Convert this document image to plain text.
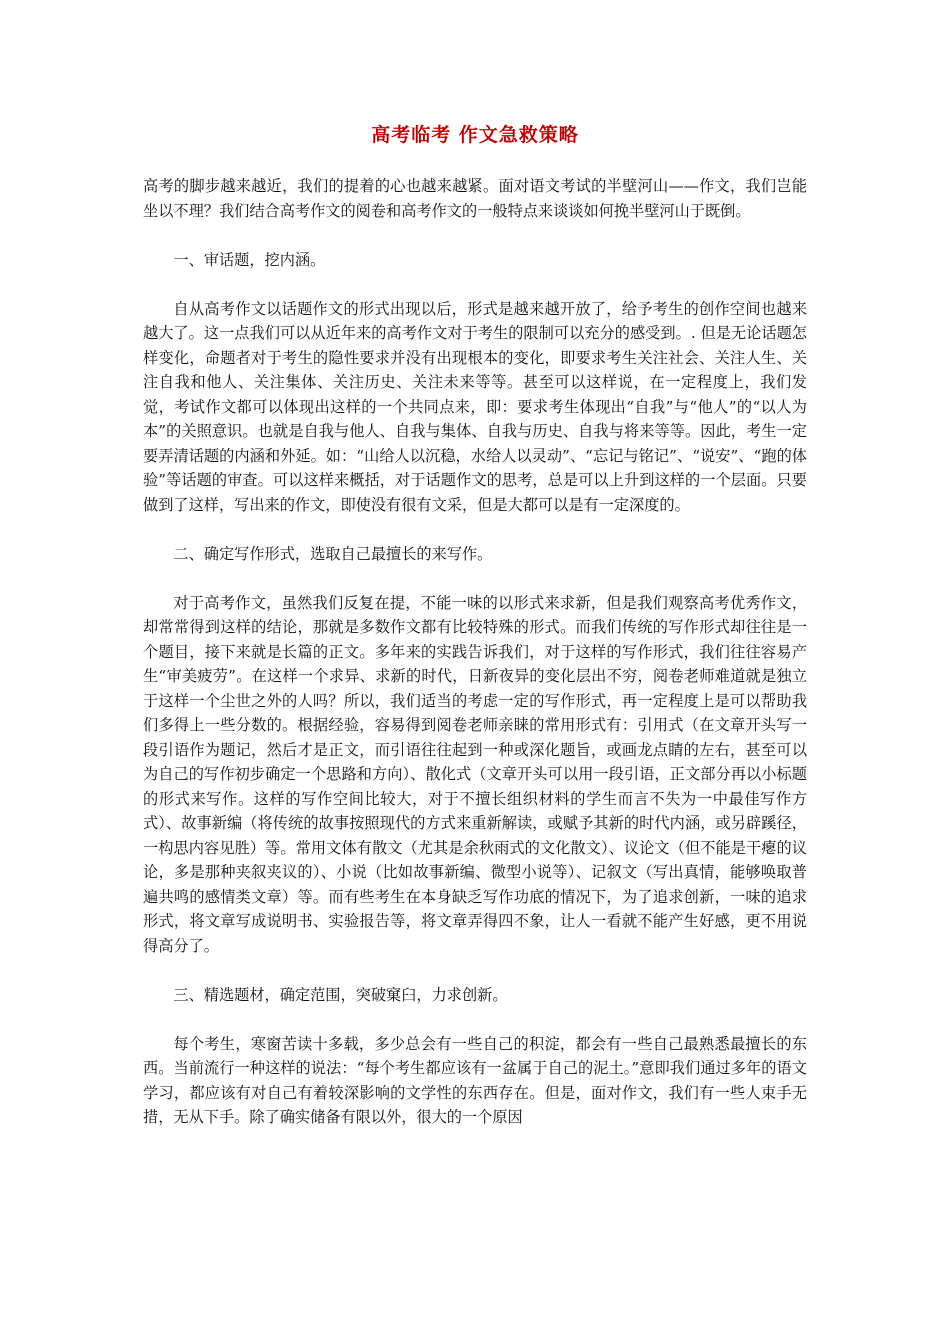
高考临考 作文急救策略

高考的脚步越来越近，我们的提着的心也越来越紧。面对语文考试的半壁河山——作文，我们岂能坐以不理？我们结合高考作文的阅卷和高考作文的一般特点来谈谈如何挽半壁河山于既倒。

一、审话题，挖内涵。

自从高考作文以话题作文的形式出现以后，形式是越来越开放了，给予考生的创作空间也越来越大了。这一点我们可以从近年来的高考作文对于考生的限制可以充分的感受到。. 但是无论话题怎样变化，命题者对于考生的隐性要求并没有出现根本的变化，即要求考生关注社会、关注人生、关注自我和他人、关注集体、关注历史、关注未来等等。甚至可以这样说，在一定程度上，我们发觉，考试作文都可以体现出这样的一个共同点来，即：要求考生体现出“自我”与“他人”的“以人为本”的关照意识。也就是自我与他人、自我与集体、自我与历史、自我与将来等等。因此，考生一定要弄清话题的内涵和外延。如：“山给人以沉稳，水给人以灵动”、“忘记与铭记”、“说安”、“跑的体验”等话题的审查。可以这样来概括，对于话题作文的思考，总是可以上升到这样的一个层面。只要做到了这样，写出来的作文，即使没有很有文采，但是大都可以是有一定深度的。

二、确定写作形式，选取自己最擅长的来写作。

对于高考作文，虽然我们反复在提，不能一味的以形式来求新，但是我们观察高考优秀作文，却常常得到这样的结论，那就是多数作文都有比较特殊的形式。而我们传统的写作形式却往往是一个题目，接下来就是长篇的正文。多年来的实践告诉我们，对于这样的写作形式，我们往往容易产生“审美疲劳”。在这样一个求异、求新的时代，日新夜异的变化层出不穷，阅卷老师难道就是独立于这样一个尘世之外的人吗？所以，我们适当的考虑一定的写作形式，再一定程度上是可以帮助我们多得上一些分数的。根据经验，容易得到阅卷老师亲睐的常用形式有：引用式（在文章开头写一段引语作为题记，然后才是正文，而引语往往起到一种或深化题旨，或画龙点睛的左右，甚至可以为自己的写作初步确定一个思路和方向）、散化式（文章开头可以用一段引语，正文部分再以小标题的形式来写作。这样的写作空间比较大，对于不擅长组织材料的学生而言不失为一中最佳写作方式）、故事新编（将传统的故事按照现代的方式来重新解读，或赋予其新的时代内涵，或另辟蹊径，一构思内容见胜）等。常用文体有散文（尤其是余秋雨式的文化散文）、议论文（但不能是干瘪的议论，多是那种夹叙夹议的）、小说（比如故事新编、微型小说等）、记叙文（写出真情，能够唤取普遍共鸣的感情类文章）等。而有些考生在本身缺乏写作功底的情况下，为了追求创新，一味的追求形式，将文章写成说明书、实验报告等，将文章弄得四不象，让人一看就不能产生好感，更不用说得高分了。

三、精选题材，确定范围，突破窠臼，力求创新。

每个考生，寒窗苦读十多载，多少总会有一些自己的积淀，都会有一些自己最熟悉最擅长的东西。当前流行一种这样的说法：“每个考生都应该有一盆属于自己的泥土。”意即我们通过多年的语文学习，都应该有对自己有着较深影响的文学性的东西存在。但是，面对作文，我们有一些人束手无措，无从下手。除了确实储备有限以外，很大的一个原因
